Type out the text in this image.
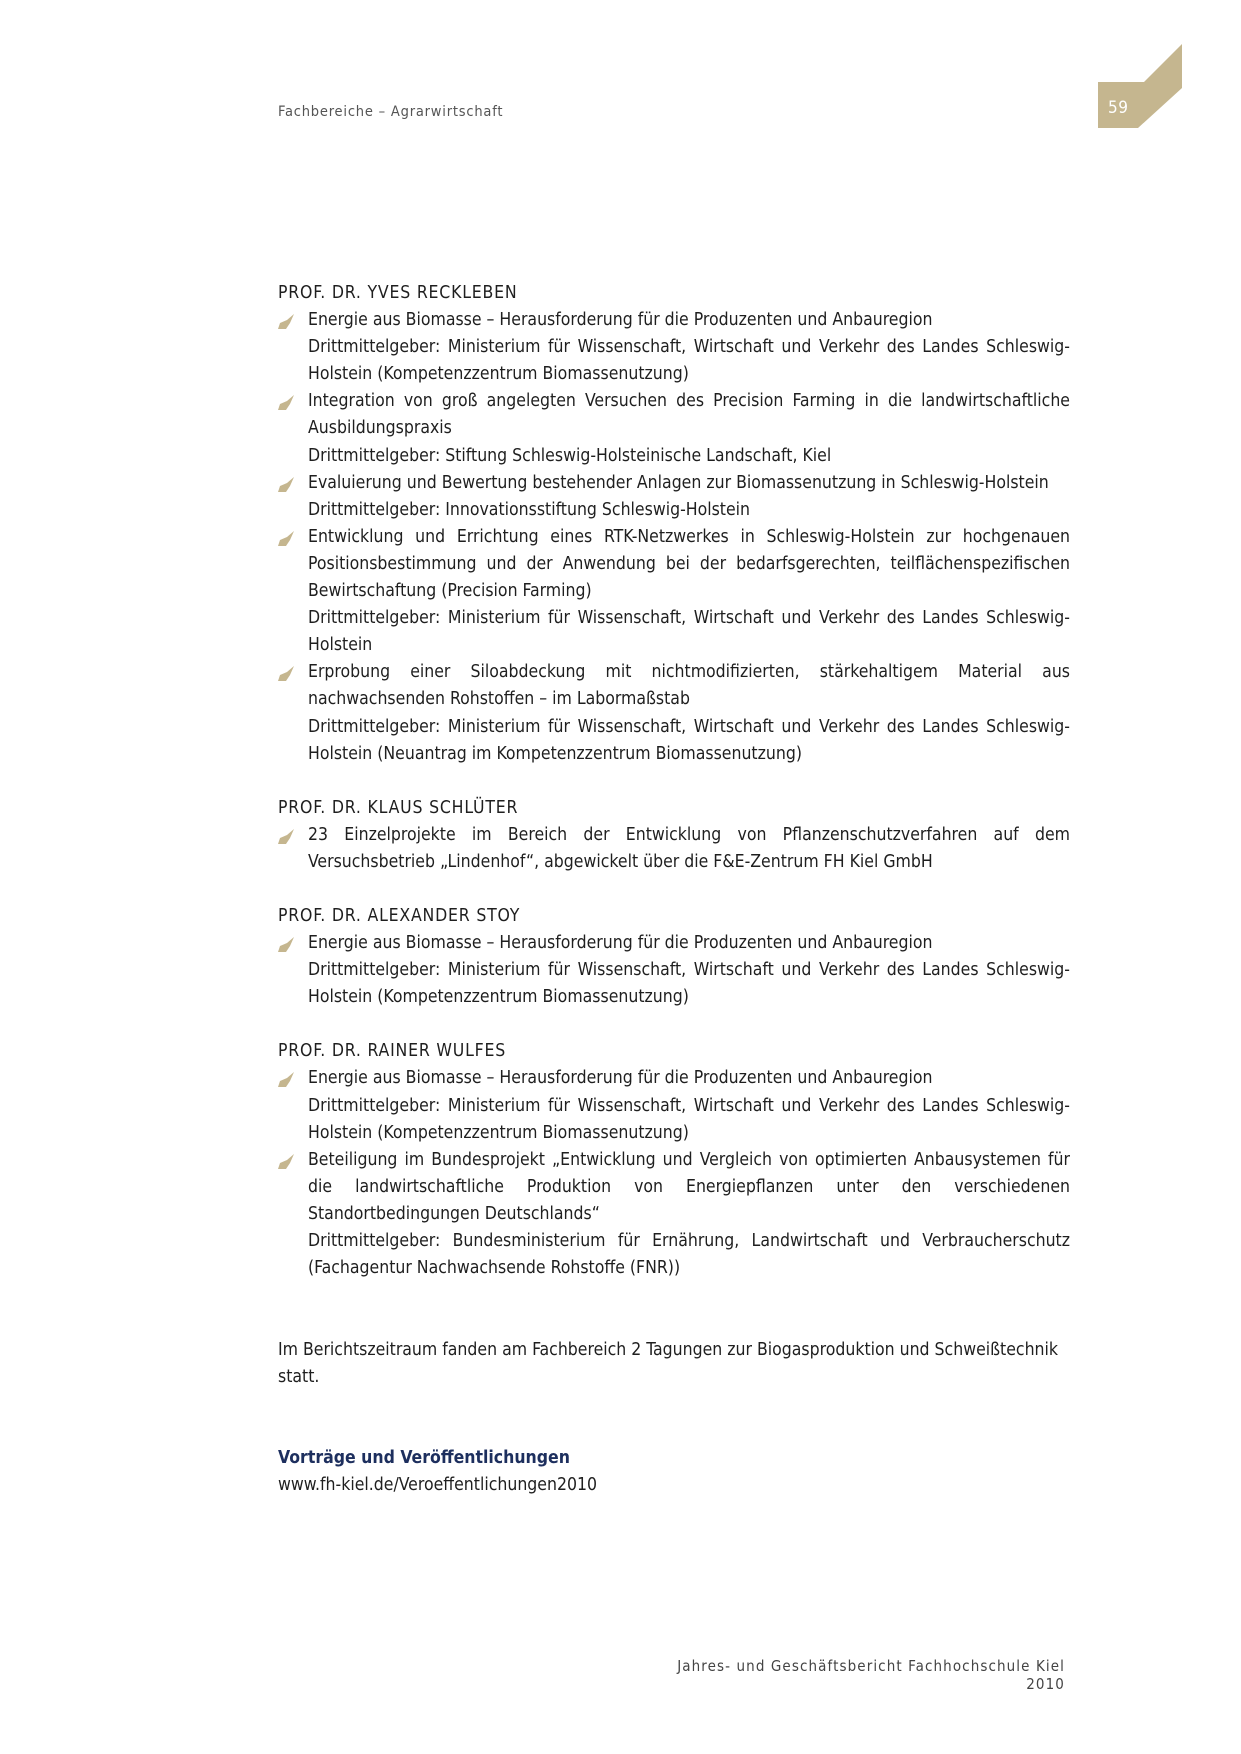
Fachbereiche – Agrarwirtschaft	59
PROF. DR. YVES RECKLEBEN
Energie aus Biomasse – Herausforderung für die Produzenten und Anbauregion
Drittmittelgeber: Ministerium für Wissenschaft, Wirtschaft und Verkehr des Landes Schleswig-Holstein (Kompetenzzentrum Biomassenutzung)
Integration von groß angelegten Versuchen des Precision Farming in die landwirtschaftliche Ausbildungspraxis
Drittmittelgeber: Stiftung Schleswig-Holsteinische Landschaft, Kiel
Evaluierung und Bewertung bestehender Anlagen zur Biomassenutzung in Schleswig-Holstein
Drittmittelgeber: Innovationsstiftung Schleswig-Holstein
Entwicklung und Errichtung eines RTK-Netzwerkes in Schleswig-Holstein zur hochgenauen Positionsbestimmung und der Anwendung bei der bedarfsgerechten, teilflächenspezifischen Bewirtschaftung (Precision Farming)
Drittmittelgeber: Ministerium für Wissenschaft, Wirtschaft und Verkehr des Landes Schleswig-Holstein
Erprobung einer Siloabdeckung mit nichtmodifizierten, stärkehaltigem Material aus nachwachsenden Rohstoffen – im Labormaßstab
Drittmittelgeber: Ministerium für Wissenschaft, Wirtschaft und Verkehr des Landes Schleswig-Holstein (Neuantrag im Kompetenzzentrum Biomassenutzung)
PROF. DR. KLAUS SCHLÜTER
23 Einzelprojekte im Bereich der Entwicklung von Pflanzenschutzverfahren auf dem Versuchsbetrieb „Lindenhof“, abgewickelt über die F&E-Zentrum FH Kiel GmbH
PROF. DR. ALEXANDER STOY
Energie aus Biomasse – Herausforderung für die Produzenten und Anbauregion
Drittmittelgeber: Ministerium für Wissenschaft, Wirtschaft und Verkehr des Landes Schleswig-Holstein (Kompetenzzentrum Biomassenutzung)
PROF. DR. RAINER WULFES
Energie aus Biomasse – Herausforderung für die Produzenten und Anbauregion
Drittmittelgeber: Ministerium für Wissenschaft, Wirtschaft und Verkehr des Landes Schleswig-Holstein (Kompetenzzentrum Biomassenutzung)
Beteiligung im Bundesprojekt „Entwicklung und Vergleich von optimierten Anbausystemen für die landwirtschaftliche Produktion von Energiepflanzen unter den verschiedenen Standortbedingungen Deutschlands“
Drittmittelgeber: Bundesministerium für Ernährung, Landwirtschaft und Verbraucherschutz (Fachagentur Nachwachsende Rohstoffe (FNR))
Im Berichtszeitraum fanden am Fachbereich 2 Tagungen zur Biogasproduktion und Schweißtechnik statt.
Vorträge und Veröffentlichungen
www.fh-kiel.de/Veroeffentlichungen2010
Jahres- und Geschäftsbericht Fachhochschule Kiel 2010
